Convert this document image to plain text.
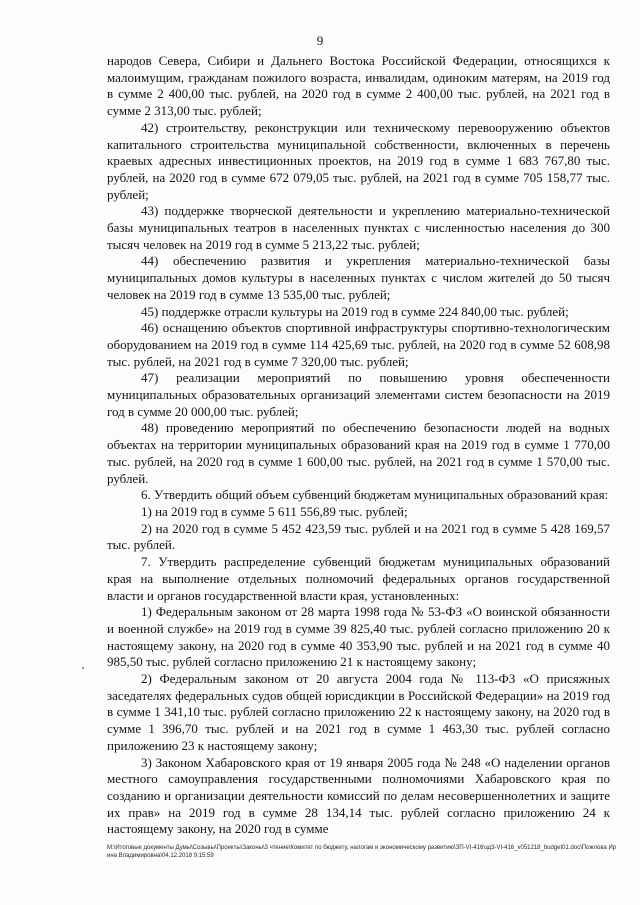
9

народов Севера, Сибири и Дальнего Востока Российской Федерации, относящихся к малоимущим, гражданам пожилого возраста, инвалидам, одиноким матерям, на 2019 год в сумме 2 400,00 тыс. рублей, на 2020 год в сумме 2 400,00 тыс. рублей, на 2021 год в сумме 2 313,00 тыс. рублей;

42) строительству, реконструкции или техническому перевооружению объектов капитального строительства муниципальной собственности, включенных в перечень краевых адресных инвестиционных проектов, на 2019 год в сумме 1 683 767,80 тыс. рублей, на 2020 год в сумме 672 079,05 тыс. рублей, на 2021 год в сумме 705 158,77 тыс. рублей;

43) поддержке творческой деятельности и укреплению материально-технической базы муниципальных театров в населенных пунктах с численностью населения до 300 тысяч человек на 2019 год в сумме 5 213,22 тыс. рублей;

44) обеспечению развития и укрепления материально-технической базы муниципальных домов культуры в населенных пунктах с числом жителей до 50 тысяч человек на 2019 год в сумме 13 535,00 тыс. рублей;

45) поддержке отрасли культуры на 2019 год в сумме 224 840,00 тыс. рублей;

46) оснащению объектов спортивной инфраструктуры спортивно-технологическим оборудованием на 2019 год в сумме 114 425,69 тыс. рублей, на 2020 год в сумме 52 608,98 тыс. рублей, на 2021 год в сумме 7 320,00 тыс. рублей;

47) реализации мероприятий по повышению уровня обеспеченности муниципальных образовательных организаций элементами систем безопасности на 2019 год в сумме 20 000,00 тыс. рублей;

48) проведению мероприятий по обеспечению безопасности людей на водных объектах на территории муниципальных образований края на 2019 год в сумме 1 770,00 тыс. рублей, на 2020 год в сумме 1 600,00 тыс. рублей, на 2021 год в сумме 1 570,00 тыс. рублей.

6. Утвердить общий объем субвенций бюджетам муниципальных образований края:

1) на 2019 год в сумме 5 611 556,89 тыс. рублей;

2) на 2020 год в сумме 5 452 423,59 тыс. рублей и на 2021 год в сумме 5 428 169,57 тыс. рублей.

7. Утвердить распределение субвенций бюджетам муниципальных образований края на выполнение отдельных полномочий федеральных органов государственной власти и органов государственной власти края, установленных:

1) Федеральным законом от 28 марта 1998 года № 53-ФЗ «О воинской обязанности и военной службе» на 2019 год в сумме 39 825,40 тыс. рублей согласно приложению 20 к настоящему закону, на 2020 год в сумме 40 353,90 тыс. рублей и на 2021 год в сумме 40 985,50 тыс. рублей согласно приложению 21 к настоящему закону;

2) Федеральным законом от 20 августа 2004 года № 113-ФЗ «О присяжных заседателях федеральных судов общей юрисдикции в Российской Федерации» на 2019 год в сумме 1 341,10 тыс. рублей согласно приложению 22 к настоящему закону, на 2020 год в сумме 1 396,70 тыс. рублей и на 2021 год в сумме 1 463,30 тыс. рублей согласно приложению 23 к настоящему закону;

3) Законом Хабаровского края от 19 января 2005 года № 248 «О наделении органов местного самоуправления государственными полномочиями Хабаровского края по созданию и организации деятельности комиссий по делам несовершеннолетних и защите их прав» на 2019 год в сумме 28 134,14 тыс. рублей согласно приложению 24 к настоящему закону, на 2020 год в сумме

М:\Итоговые документы Думы\Созывы\Проекты\Законы\3 чтение\Комитет по бюджету, налогам и экономическому развитию\ЗП-VI-416\зд3-VI-416_v051218_budget01.doc\Пожлова Ирина Владимировна\04.12.2018 9:15:59
